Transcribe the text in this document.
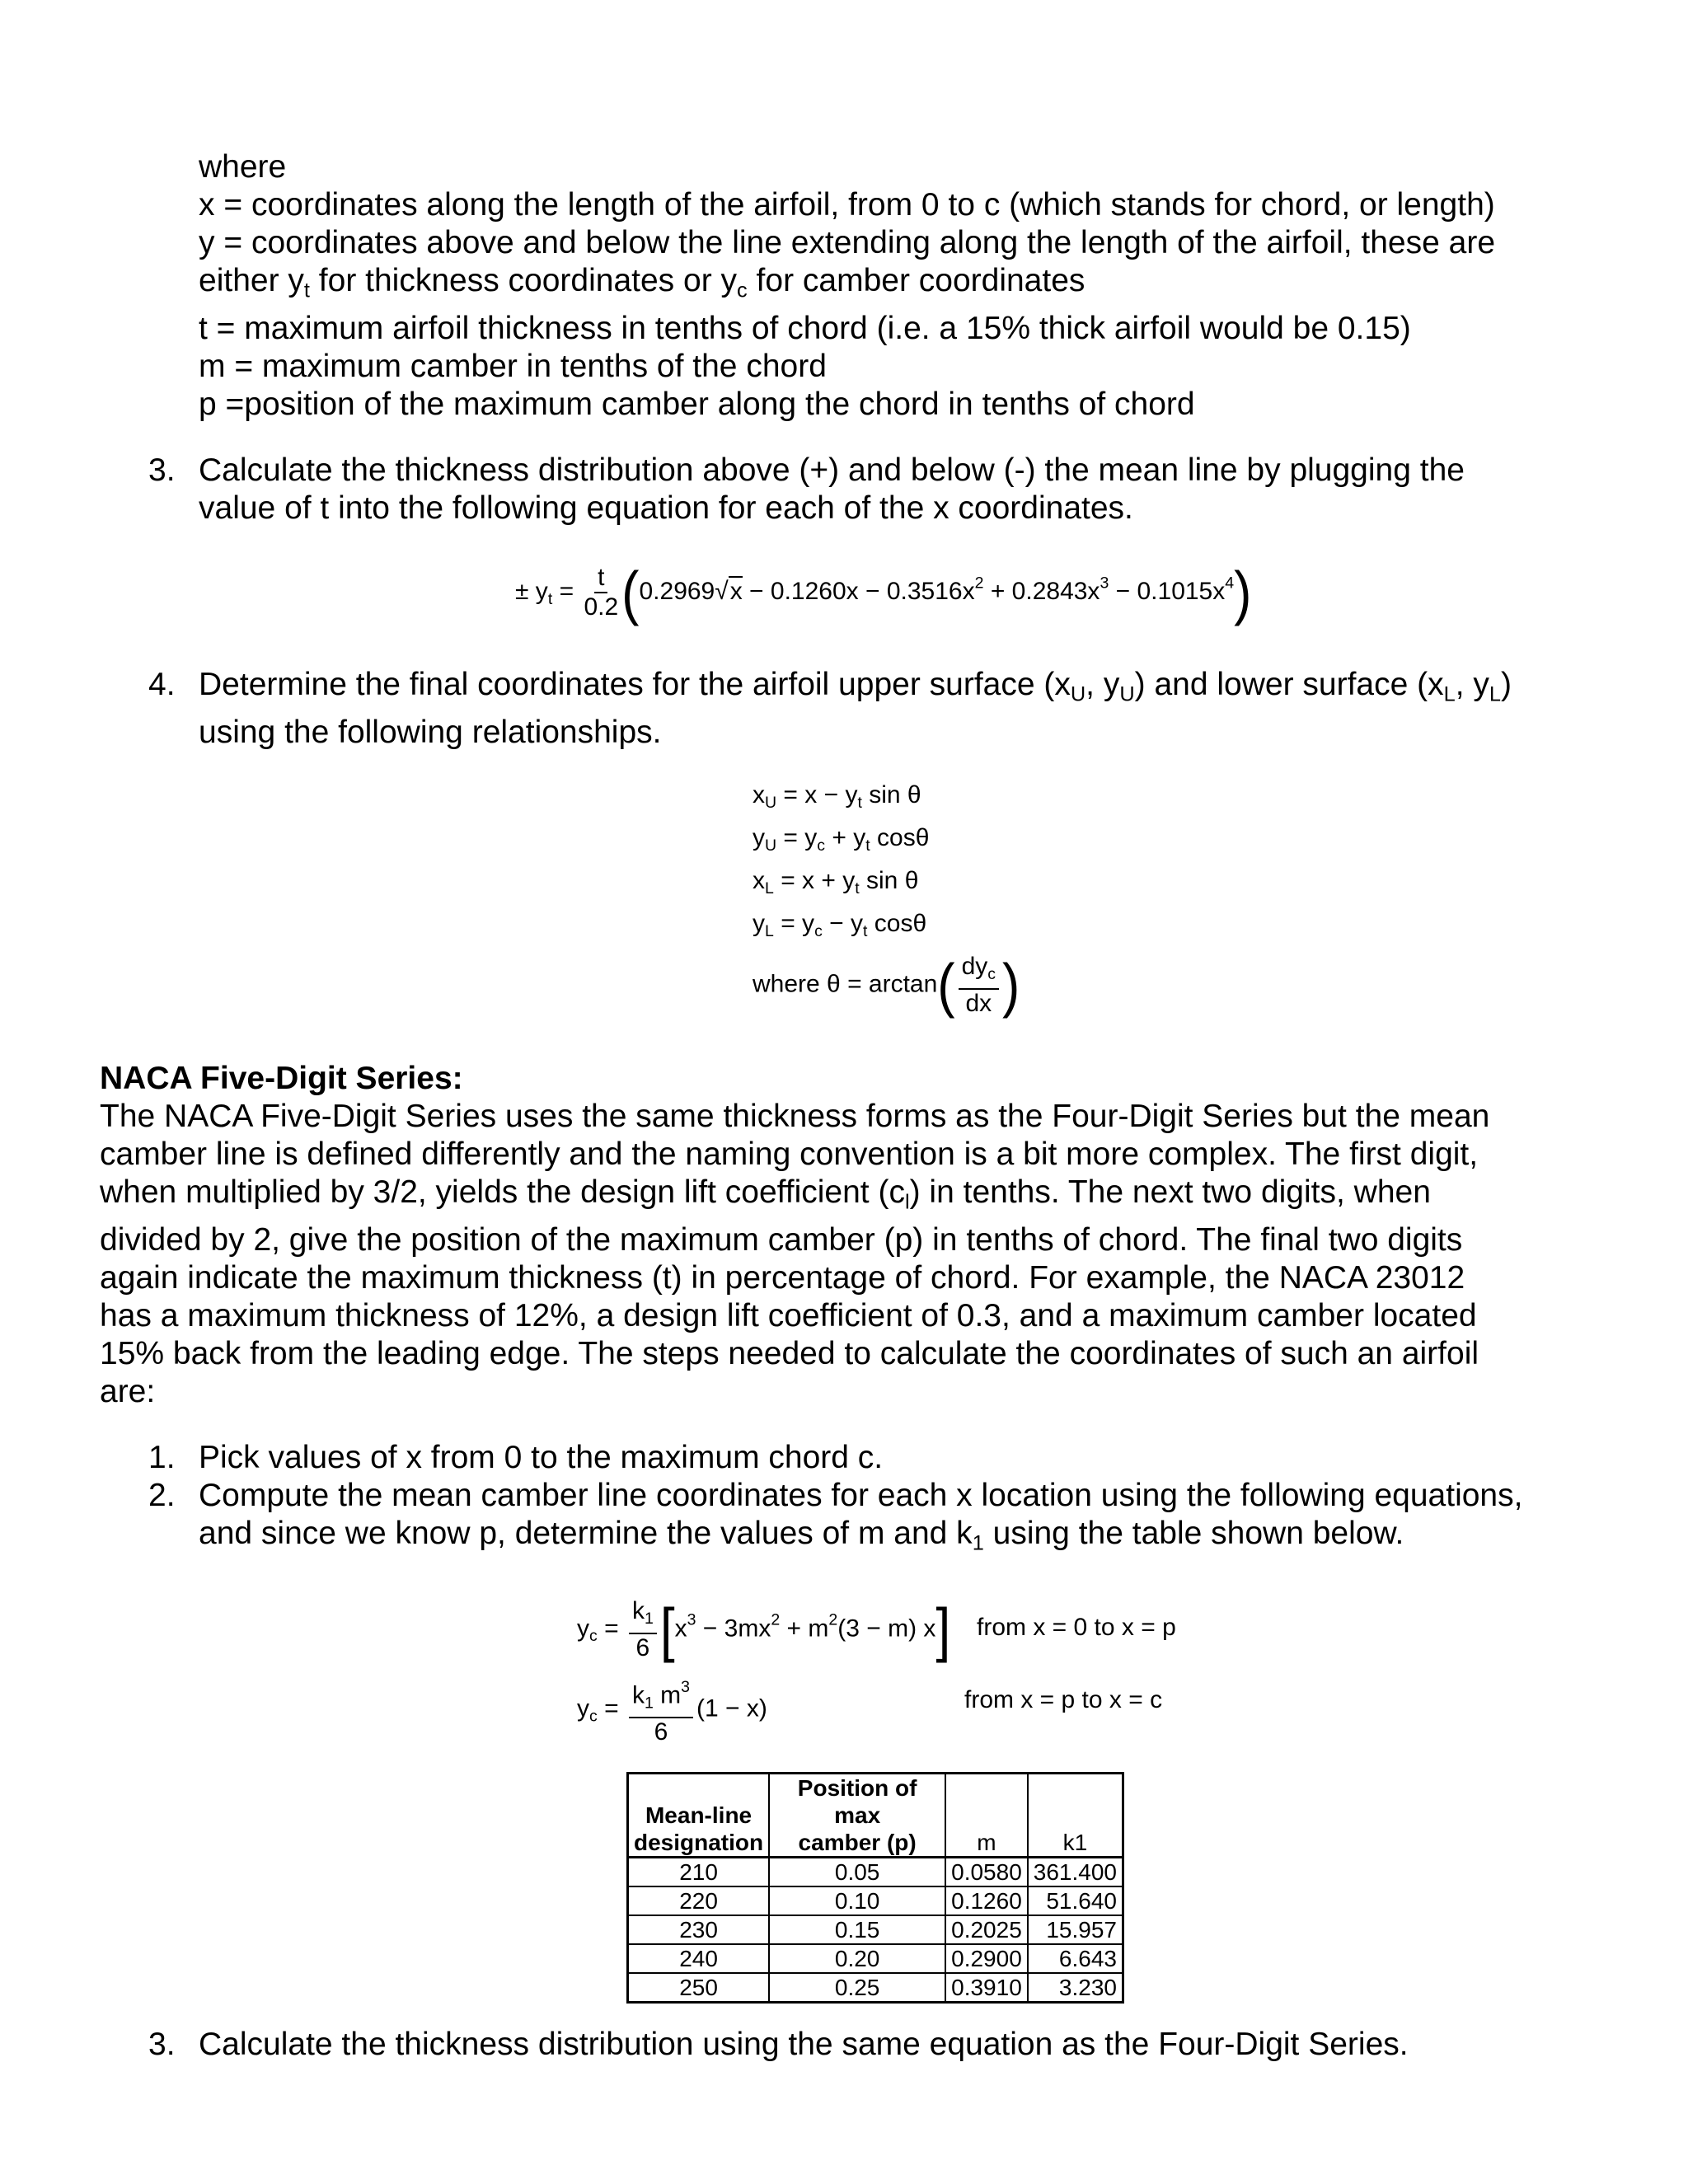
where
x = coordinates along the length of the airfoil, from 0 to c (which stands for chord, or length)
y = coordinates above and below the line extending along the length of the airfoil, these are
either $y_t$ for thickness coordinates or $y_c$ for camber coordinates
t = maximum airfoil thickness in tenths of chord (i.e. a 15% thick airfoil would be 0.15)
m = maximum camber in tenths of the chord
p =position of the maximum camber along the chord in tenths of chord
3. Calculate the thickness distribution above (+) and below (-) the mean line by plugging the
value of t into the following equation for each of the x coordinates.
± $y_t = \frac{t}{0.2} (0.2969√x - 0.1260x - 0.3516x^2 + 0.2843x^3 - 0.1015x^4)$
4. Determine the final coordinates for the airfoil upper surface ($x_U$, $y_U$) and lower surface ($x_L$, $y_L$)
using the following relationships.
$x_U = x - y_t$ sin θ
$y_U = y_c + y_t$ cosθ
$x_L = x + y_t$ sin θ
$y_L = y_c - y_t$ cosθ
where $\theta = \arctan( \frac{dy_c}{dx}$ )
NACA Five-Digit Series:
The NACA Five-Digit Series uses the same thickness forms as the Four-Digit Series but the mean
camber line is defined differently and the naming convention is a bit more complex. The first digit,
when multiplied by 3/2, yields the design lift coefficient $(c_l)$ in tenths. The next two digits, when
divided by 2, give the position of the maximum camber (p) in tenths of chord. The final two digits
again indicate the maximum thickness (t) in percentage of chord. For example, the NACA 23012
has a maximum thickness of 12%, a design lift coefficient of 0.3, and a maximum camber located
15% back from the leading edge. The steps needed to calculate the coordinates of such an airfoil
are:
1. Pick values of x from 0 to the maximum chord c.
2. Compute the mean camber line coordinates for each x location using the following equations,
and since we know p, determine the values of m and $k_1$ using the table shown below.
$y_c = \frac{k_1}{6} [x^3 - 3mx^2 + m^2(3 - m)$ x] from x = 0 to x = p
$y_c = \frac{k_1 m^3}{6} (1 - x)$	from x = p to x = c
Mean-line	Position of max		
designation	camber (p)	m	k1
210	0.05	0.0580	361.400
220	0.10	0.1260	51.640
230	0.15	0.2025	15.957
240	0.20	0.2900	6.643
250	0.25	0.3910	3.230
3. Calculate the thickness distribution using the same equation as the Four-Digit Series.
